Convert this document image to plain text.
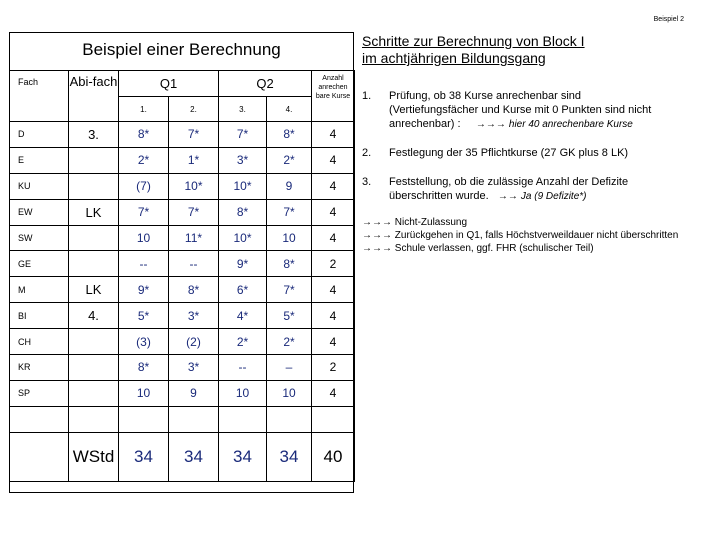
Beispiel 2
Beispiel einer Berechnung
Fach	Abi-fach	Q1		Q2		Anzahl anrechen bare Kurse
		1.	2.	3.	4.	
D	3.	8*	7*	7*	8*	4
E		2*	1*	3*	2*	4
KU		(7)	10*	10*	9	4
EW	LK	7*	7*	8*	7*	4
SW		10	11*	10*	10	4
GE		--	--	9*	8*	2
M	LK	9*	8*	6*	7*	4
BI	4.	5*	3*	4*	5*	4
CH		(3)	(2)	2*	2*	4
KR		8*	3*	--	–	2
SP		10	9	10	10	4

	WStd	34	34	34	34	40
Schritte zur Berechnung von Block I
im achtjährigen Bildungsgang
1.	Prüfung, ob 38 Kurse anrechenbar sind
(Vertiefungsfächer und Kurse mit 0 Punkten sind nicht
anrechenbar) : →→→ hier 40 anrechenbare Kurse
2.	Festlegung der 35 Pflichtkurse (27 GK plus 8 LK)
3.	Feststellung, ob die zulässige Anzahl der Defizite
überschritten wurde. →→ Ja (9 Defizite*)
→→→ Nicht-Zulassung
→→→ Zurückgehen in Q1, falls Höchstverweildauer nicht überschritten
→→→ Schule verlassen, ggf. FHR (schulischer Teil)
